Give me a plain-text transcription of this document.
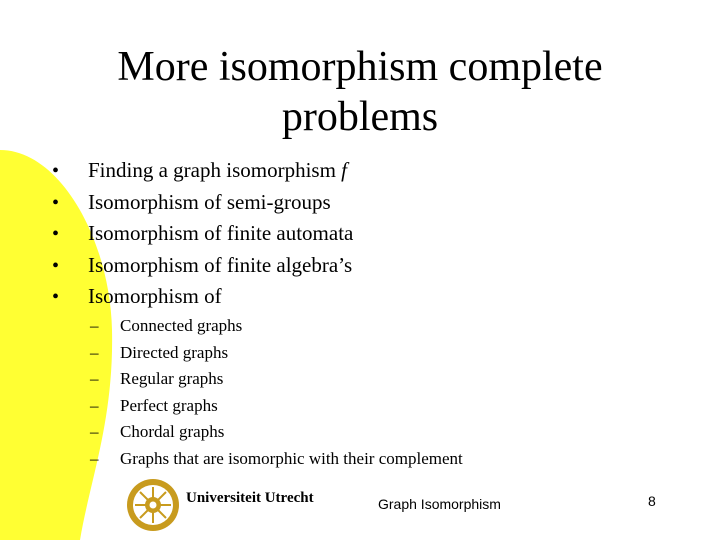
More isomorphism complete
problems
•	Finding a graph isomorphism f
•	Isomorphism of semi-groups
•	Isomorphism of finite automata
•	Isomorphism of finite algebra’s
•	Isomorphism of
–	Connected graphs
–	Directed graphs
–	Regular graphs
–	Perfect graphs
–	Chordal graphs
–	Graphs that are isomorphic with their complement
Universiteit Utrecht	Graph Isomorphism	8
